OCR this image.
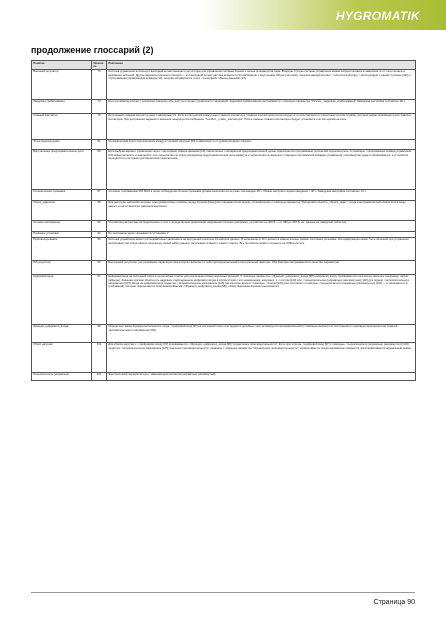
HYGROMATIK
продолжение глоссарий (2)
Понятие	Указатель	Пояснение
Внешний регулятор	73	Система управления использует выходной сигнал внешнего регулятора для управления силовым блоком и целью производства пара. Входную ступень системы управления можно скорректировать в зависимости от типа сигнала и диапазона значений. Другие варианты внешнего сигнала — это выходной сигнал датчика влажности (в комбинации с внутренним ПИ-регулятором), переключающий контакт ->гигростата [6] (при ->эксплуатации с одной ступенью [42]) и ->программная управляющая команда [12], которая направляется через ->интерфейс обмена данными [13].
Задержка срабатывания	74	Если релейному контакту присвоено значение «8», доступен сигнал управления с задержкой. Задержка срабатывания настраивается с помощью параметра "Уаплен._задержка_срабатывания" Заводская настройка составляет 60 с.
Главный контактор	75	Встроенный главный контактор имеет маркировку К1. Количество циклов коммутации главного контактора (главных контакторов) контролируется и сопоставляется с расчётным сроком службы, который указан производителем главного контактора. При достижении заданного значения генерируется сообщение "Техобсл._главн._контактора". После замены главного контактора следует установить счётчик циклов на ноль.
Точка переключения	81	Установленный порог переключения между ступенями нагрузки [64] в зависимости от уровня входного сигнала.
Виртуальные предохранительные цепи	86	Если выбран вариант управления через ->интерфейс обмена данными [13], параллельно с аппаратной предохранительной цепью подключается программный логический переключатель. С помощью ->программных команд управления [12] можно включить и выключить этот переключатель. Когда аппаратная предохранительная цепь замкнута и переключатель включён с помощью программной команды управления, производство пара остановливается, в устройство передаются и состояние дистанционного выключения.
Гигиеническая промывка	87	Согласно требованиям VDI 6022 в целях соблюдения гигиены промывка должна выполняться не реже чем каждые 48 ч. Можно настроить время ожидания < 48 ч. Заводская настройка составляет 24 ч.
Сброс_давления	88	Для разгрузки насосной системы, электромагнитные клапаны перед впуском фиксуром открываются во время, установленное с помощью параметра "Продолжительность_сброса_давл.", когда электромагнитный клапан вхола воды закрыт, а насос высокого давления выключен.
Сетевое напряжение	89	Устройства рассчитаны на подключение к сети с определённым диапазоном напряжения питания (например, устройство на 400 В — от 380 до 415 В, см. данные на заводской табличке).
Название установки	90	По умолчанию здесь указывается "установка 1".
Протоколирование	93	Система управления может последовательно записывать на внутренний носитель 10 наборов данных. В интервалах в 10 с делается моментальные снимки состояния установки. Эта информация может быть полезной при устранении неисправностей. Когда память заполнена, новый набор данных записывается вместо самого старого. Все протоколы можно сохранить на USB-носитель.
ПИ-регулятор	96	Внутренний регулятор, регулирование характеристика которого включает в себя пропорциональный и интегральный факторы. Оба фактора настраиваются в качестве параметров.
Цифровой вход	97	Цифровой вход на системной плате и на релейных платах для реализации коммутационных функций. С помощью параметра ->Функция_цифрового_входа [98] цифровому входу присваивается логическое значение (например, запуск таймера). Значение должно обеспечить надёжное подсоединение цифрового входа в соответствии с его назначением; например, с ->хостом [100] или ->переключателем (нормально разомкнутым) [102] для подачи ->вспомогательного напряжения [105]. Когда на цифровой вход подаётся ->вспомогательное напряжение [105] (на короткое время с помощью ->кнопки [106] или постоянно с помощью ->переключателя (нормально разомкнутого) [102] — в зависимости от требований), которые определяются программированием ->Функции_цифрового_входа [98]), коммутационная функция выполняется.
Функция_цифрового_входа	98	Определяет, какая функция выполняется, когда ->цифровой вход [97] на системной плате или одной из релейных плат активируется кратковременной (с помощью кнопки) или постоянной (с помощью переключателя) подачей ->вспомогательного напряжения [105].
Сброс нагрузки	101	Для сброса нагрузки с ->цифровому входу [97] присваивается ->Функция_цифрового_входа [98] "ограничение производительности". Если при этом на ->цифровой вход [97] с помощью ->переключателя (нормально разомкнутого) [102] подаётся ->вспомогательное напряжение [105], значение производительности, заданное с помощью параметра "Ограничение производительности", ограничивается. Когда напряжение снимается, восстанавливается нормальный режим.
Переключатель (нормально	102	Электрический переключатель с замыкающим контактом (нормально разомкнутый)
Страница 90
